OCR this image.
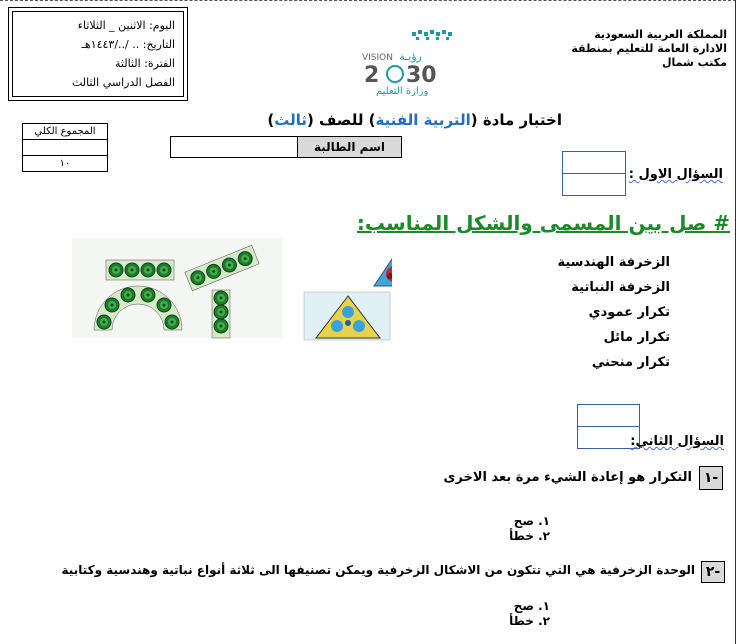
المملكة العربية السعودية
الادارة العامة للتعليم بمنطقة
مكتب شمال
اليوم: الاثنين _ الثلاثاء
التاريخ: .. /../١٤٤٣هـ
الفترة: الثالثة
الفصل الدراسي الثالث
VISION رؤيـة
2 30
وزارة التعليم
اختبار مادة (التربية الفنية) للصف (ثالث)
المجموع الكلي
١٠
اسم الطالبة
السؤال الاول :
# صل بين المسمى والشكل المناسب:
الزخرفة الهندسية
الزخرفة النباتية
تكرار عمودي
تكرار مائل
تكرار منحني
السؤال الثاني:
١-
التكرار هو إعادة الشيء مرة بعد الاخرى
١. صح
٢. خطأ
٢-
الوحدة الزخرفية هي التي تتكون من الاشكال الزخرفية ويمكن تصنيفها الى ثلاثة أنواع نباتية وهندسية وكتابية
١. صح
٢. خطأ
